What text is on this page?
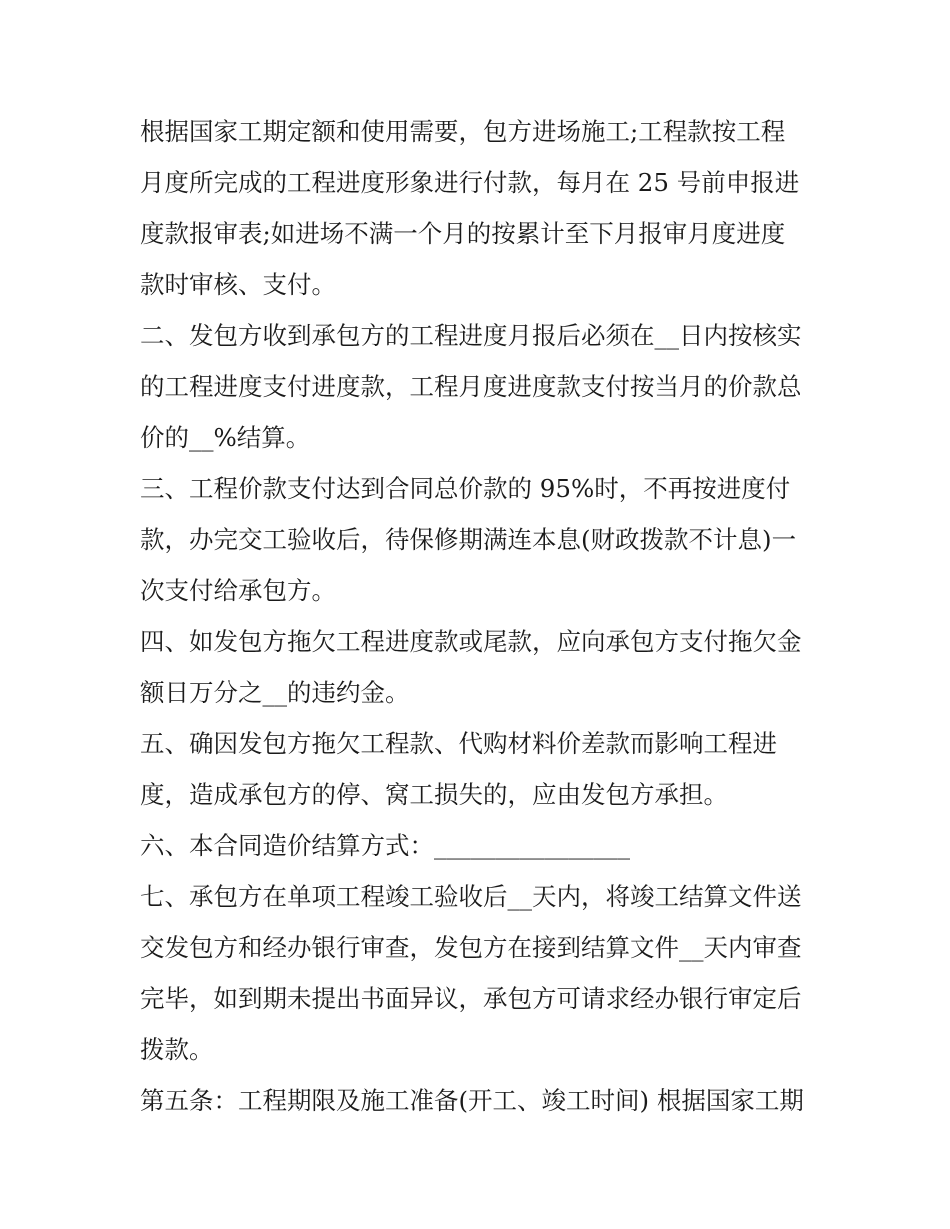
根据国家工期定额和使用需要，包方进场施工;工程款按工程
月度所完成的工程进度形象进行付款，每月在 25 号前申报进
度款报审表;如进场不满一个月的按累计至下月报审月度进度
款时审核、支付。

二、发包方收到承包方的工程进度月报后必须在__日内按核实
的工程进度支付进度款，工程月度进度款支付按当月的价款总
价的__%结算。

三、工程价款支付达到合同总价款的 95%时，不再按进度付
款，办完交工验收后，待保修期满连本息(财政拨款不计息)一
次支付给承包方。

四、如发包方拖欠工程进度款或尾款，应向承包方支付拖欠金
额日万分之__的违约金。

五、确因发包方拖欠工程款、代购材料价差款而影响工程进
度，造成承包方的停、窝工损失的，应由发包方承担。

六、本合同造价结算方式：________________

七、承包方在单项工程竣工验收后__天内，将竣工结算文件送
交发包方和经办银行审查，发包方在接到结算文件__天内审查
完毕，如到期未提出书面异议，承包方可请求经办银行审定后
拨款。

第五条：工程期限及施工准备(开工、竣工时间) 根据国家工期
